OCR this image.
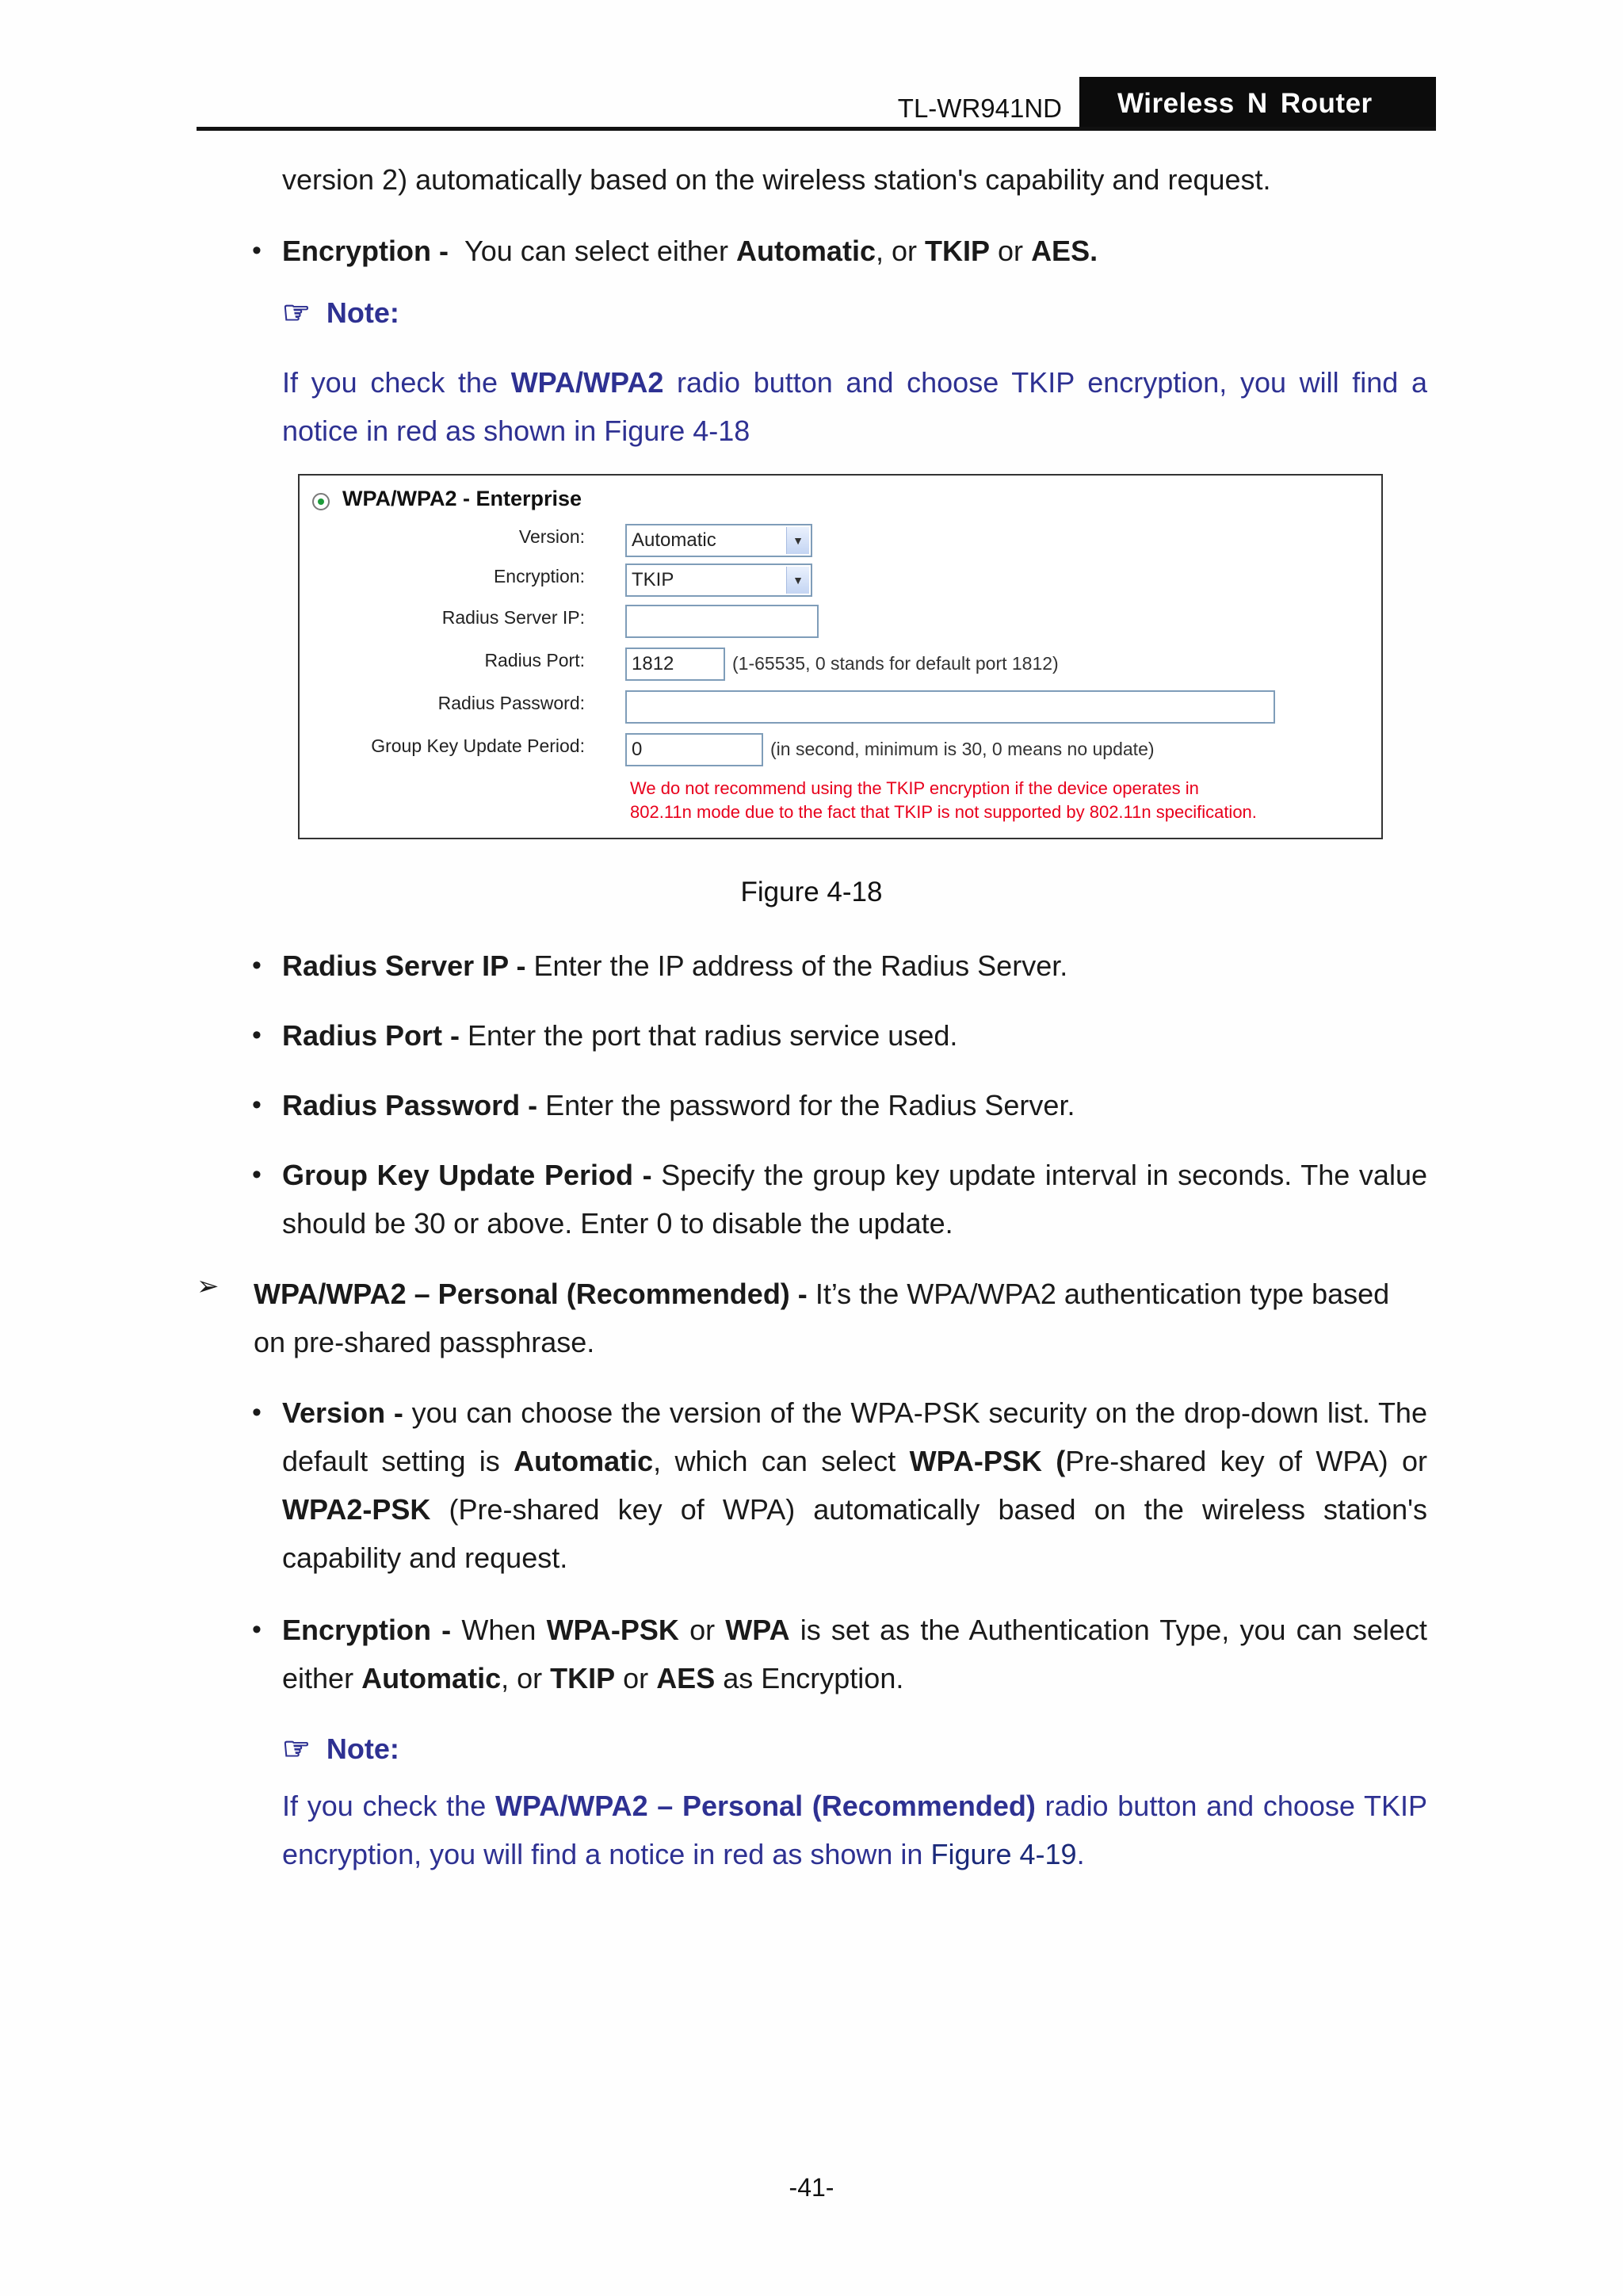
TL-WR941ND	Wireless N Router
version 2) automatically based on the wireless station's capability and request.
• Encryption - You can select either Automatic, or TKIP or AES.
☞ Note:
If you check the WPA/WPA2 radio button and choose TKIP encryption, you will find a notice in red as shown in Figure 4-18
WPA/WPA2 - Enterprise
Version: Automatic	▼
Encryption: TKIP	▼
Radius Server IP:
Radius Port:	1812	(1-65535, 0 stands for default port 1812)
Radius Password:
Group Key Update Period:	0	(in second, minimum is 30, 0 means no update)
We do not recommend using the TKIP encryption if the device operates in
802.11n mode due to the fact that TKIP is not supported by 802.11n specification.
Figure 4-18
• Radius Server IP - Enter the IP address of the Radius Server.
• Radius Port - Enter the port that radius service used.
• Radius Password - Enter the password for the Radius Server.
• Group Key Update Period - Specify the group key update interval in seconds. The value should be 30 or above. Enter 0 to disable the update.
➢ WPA/WPA2 – Personal (Recommended) - It’s the WPA/WPA2 authentication type based on pre-shared passphrase.
• Version - you can choose the version of the WPA-PSK security on the drop-down list. The default setting is Automatic, which can select WPA-PSK (Pre-shared key of WPA) or WPA2-PSK (Pre-shared key of WPA) automatically based on the wireless station's capability and request.
• Encryption - When WPA-PSK or WPA is set as the Authentication Type, you can select either Automatic, or TKIP or AES as Encryption.
☞ Note:
If you check the WPA/WPA2 – Personal (Recommended) radio button and choose TKIP encryption, you will find a notice in red as shown in Figure 4-19.
-41-
